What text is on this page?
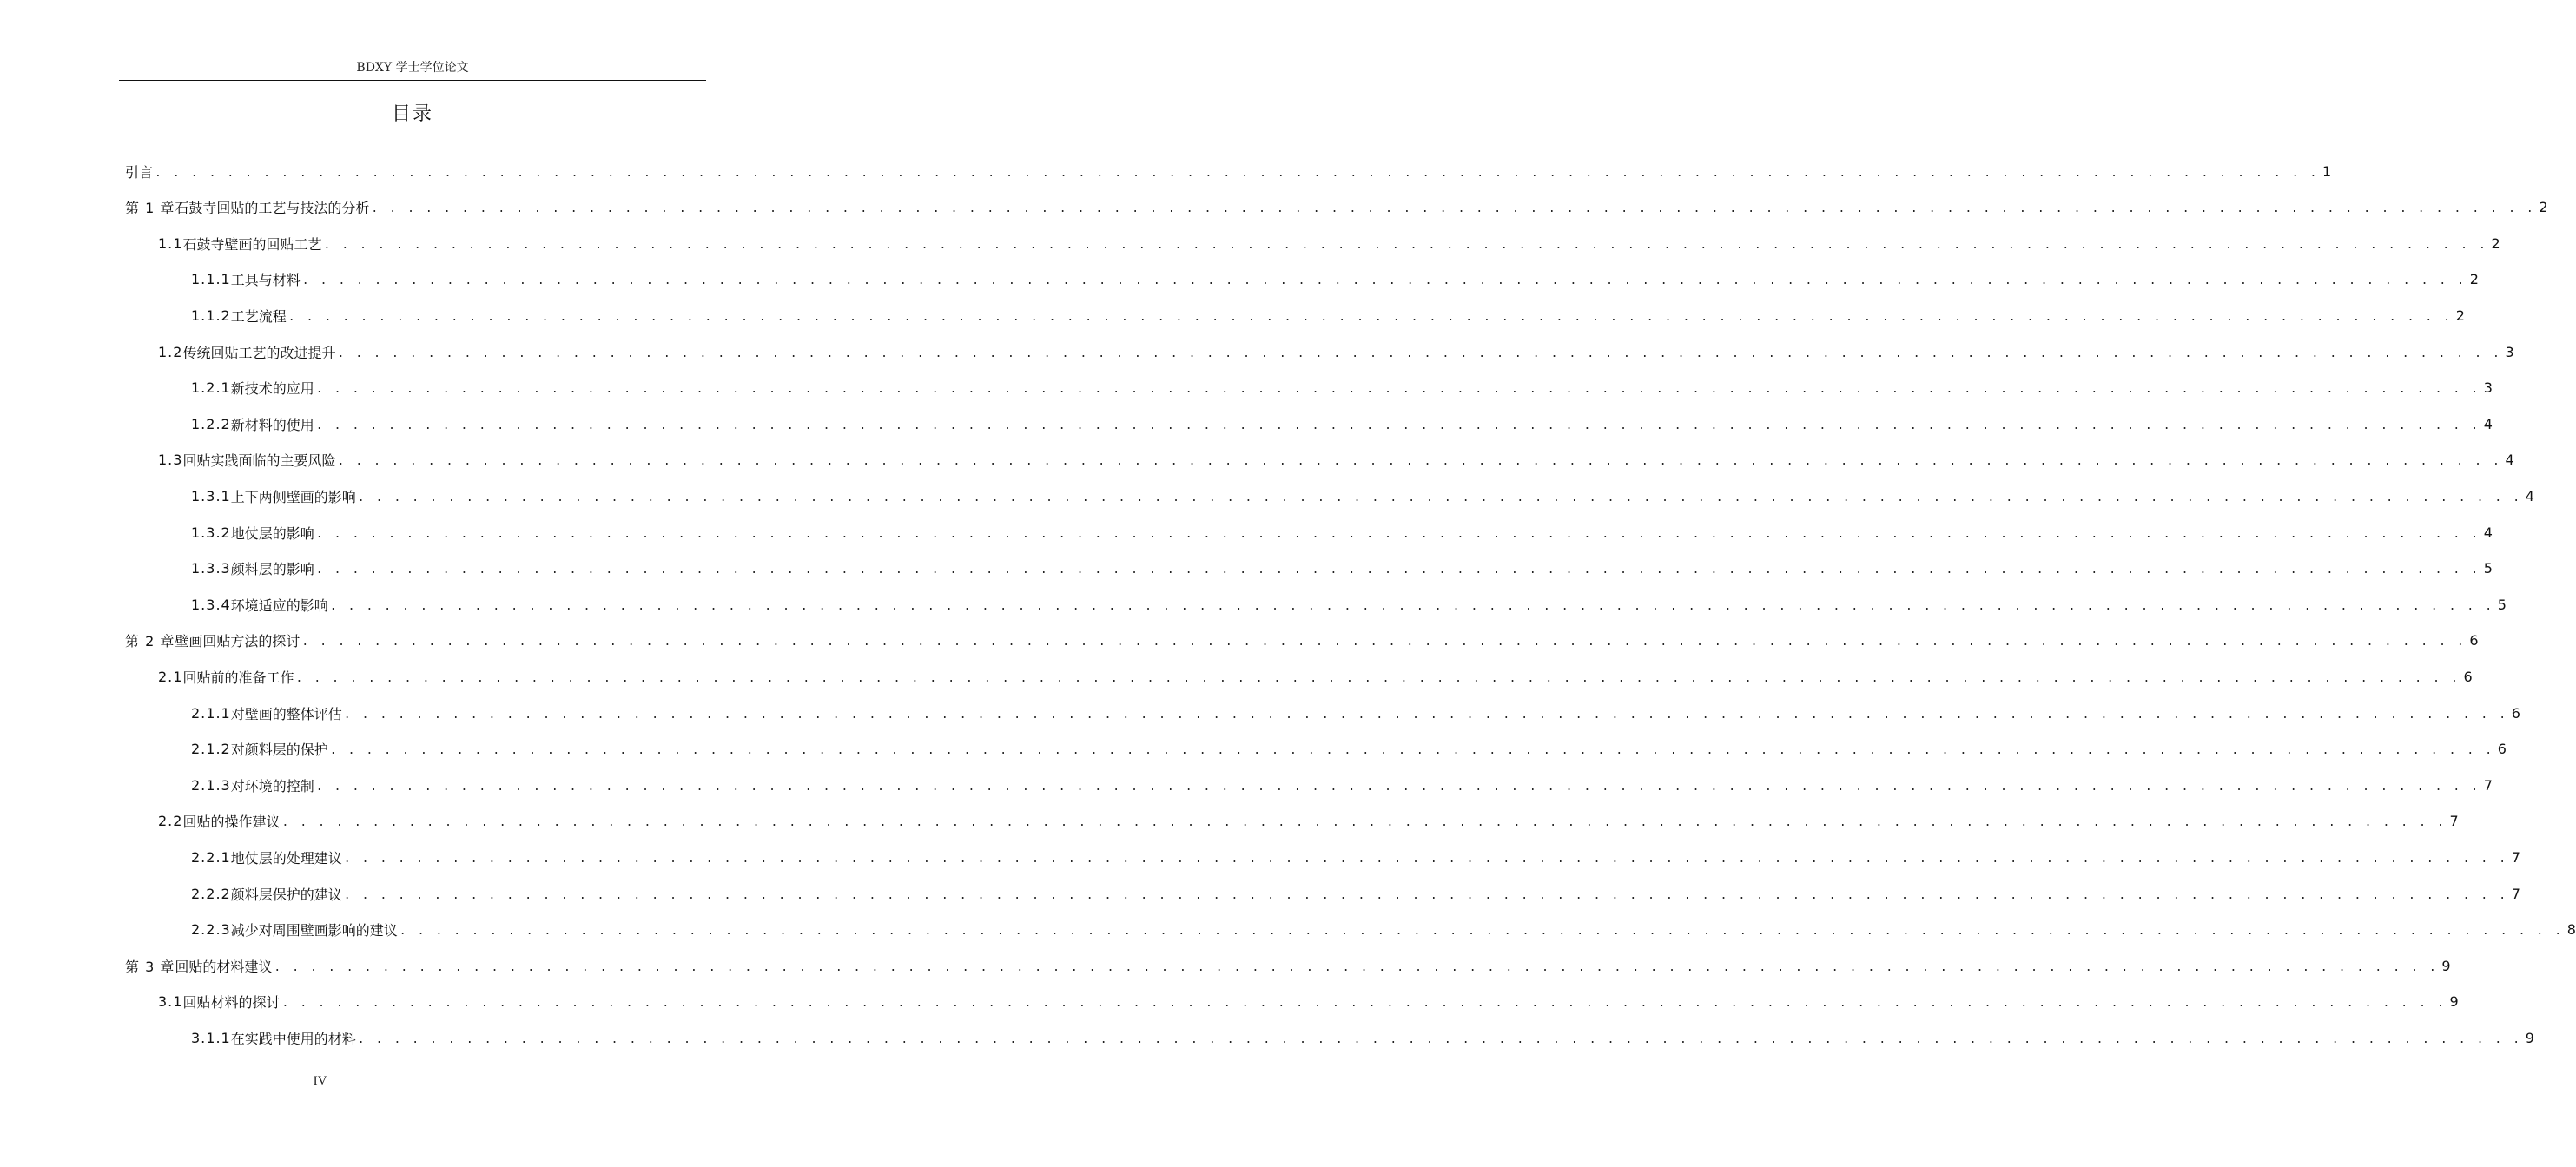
BDXY 学士学位论文
目录
引言 . . . . . . . . . . . . . . . . . . . . . . . . . . . . . . . . . . . . . . . . . . . . . . . . . . . . . . . . . . . . . . . . . . . . . . . . . . . . . . . . . . . . . . . . . . . . . . . . . . . . . . . . . . . . . . . . . . . . . . . . 1
第 1 章 石鼓寺回贴的工艺与技法的分析 . . . . . . . . . . . . . . . . . . . . . . . . . . . . . . . . . . . . . . . . . . . . . . . . . . . . . . . . . . . . . . . . . . . . . . . . . . . . . . . . . . . . . . . . . . . . . . . . . . . . . . . . . . . . . . . . . . . . . . . . 2
1.1 石鼓寺壁画的回贴工艺 . . . . . . . . . . . . . . . . . . . . . . . . . . . . . . . . . . . . . . . . . . . . . . . . . . . . . . . . . . . . . . . . . . . . . . . . . . . . . . . . . . . . . . . . . . . . . . . . . . . . . . . . . . . . . . . . . . . . . . . . 2
1.1.1 工具与材料 . . . . . . . . . . . . . . . . . . . . . . . . . . . . . . . . . . . . . . . . . . . . . . . . . . . . . . . . . . . . . . . . . . . . . . . . . . . . . . . . . . . . . . . . . . . . . . . . . . . . . . . . . . . . . . . . . . . . . . . . 2
1.1.2 工艺流程 . . . . . . . . . . . . . . . . . . . . . . . . . . . . . . . . . . . . . . . . . . . . . . . . . . . . . . . . . . . . . . . . . . . . . . . . . . . . . . . . . . . . . . . . . . . . . . . . . . . . . . . . . . . . . . . . . . . . . . . . 2
1.2 传统回贴工艺的改进提升 . . . . . . . . . . . . . . . . . . . . . . . . . . . . . . . . . . . . . . . . . . . . . . . . . . . . . . . . . . . . . . . . . . . . . . . . . . . . . . . . . . . . . . . . . . . . . . . . . . . . . . . . . . . . . . . . . . . . . . . . 3
1.2.1 新技术的应用 . . . . . . . . . . . . . . . . . . . . . . . . . . . . . . . . . . . . . . . . . . . . . . . . . . . . . . . . . . . . . . . . . . . . . . . . . . . . . . . . . . . . . . . . . . . . . . . . . . . . . . . . . . . . . . . . . . . . . . . . 3
1.2.2 新材料的使用 . . . . . . . . . . . . . . . . . . . . . . . . . . . . . . . . . . . . . . . . . . . . . . . . . . . . . . . . . . . . . . . . . . . . . . . . . . . . . . . . . . . . . . . . . . . . . . . . . . . . . . . . . . . . . . . . . . . . . . . . 4
1.3 回贴实践面临的主要风险 . . . . . . . . . . . . . . . . . . . . . . . . . . . . . . . . . . . . . . . . . . . . . . . . . . . . . . . . . . . . . . . . . . . . . . . . . . . . . . . . . . . . . . . . . . . . . . . . . . . . . . . . . . . . . . . . . . . . . . . . 4
1.3.1 上下两侧壁画的影响 . . . . . . . . . . . . . . . . . . . . . . . . . . . . . . . . . . . . . . . . . . . . . . . . . . . . . . . . . . . . . . . . . . . . . . . . . . . . . . . . . . . . . . . . . . . . . . . . . . . . . . . . . . . . . . . . . . . . . . . . 4
1.3.2 地仗层的影响 . . . . . . . . . . . . . . . . . . . . . . . . . . . . . . . . . . . . . . . . . . . . . . . . . . . . . . . . . . . . . . . . . . . . . . . . . . . . . . . . . . . . . . . . . . . . . . . . . . . . . . . . . . . . . . . . . . . . . . . . 4
1.3.3 颜料层的影响 . . . . . . . . . . . . . . . . . . . . . . . . . . . . . . . . . . . . . . . . . . . . . . . . . . . . . . . . . . . . . . . . . . . . . . . . . . . . . . . . . . . . . . . . . . . . . . . . . . . . . . . . . . . . . . . . . . . . . . . . 5
1.3.4 环境适应的影响 . . . . . . . . . . . . . . . . . . . . . . . . . . . . . . . . . . . . . . . . . . . . . . . . . . . . . . . . . . . . . . . . . . . . . . . . . . . . . . . . . . . . . . . . . . . . . . . . . . . . . . . . . . . . . . . . . . . . . . . . 5
第 2 章 壁画回贴方法的探讨 . . . . . . . . . . . . . . . . . . . . . . . . . . . . . . . . . . . . . . . . . . . . . . . . . . . . . . . . . . . . . . . . . . . . . . . . . . . . . . . . . . . . . . . . . . . . . . . . . . . . . . . . . . . . . . . . . . . . . . . . 6
2.1 回贴前的准备工作 . . . . . . . . . . . . . . . . . . . . . . . . . . . . . . . . . . . . . . . . . . . . . . . . . . . . . . . . . . . . . . . . . . . . . . . . . . . . . . . . . . . . . . . . . . . . . . . . . . . . . . . . . . . . . . . . . . . . . . . . 6
2.1.1 对壁画的整体评估 . . . . . . . . . . . . . . . . . . . . . . . . . . . . . . . . . . . . . . . . . . . . . . . . . . . . . . . . . . . . . . . . . . . . . . . . . . . . . . . . . . . . . . . . . . . . . . . . . . . . . . . . . . . . . . . . . . . . . . . . 6
2.1.2 对颜料层的保护 . . . . . . . . . . . . . . . . . . . . . . . . . . . . . . . . . . . . . . . . . . . . . . . . . . . . . . . . . . . . . . . . . . . . . . . . . . . . . . . . . . . . . . . . . . . . . . . . . . . . . . . . . . . . . . . . . . . . . . . . 6
2.1.3 对环境的控制 . . . . . . . . . . . . . . . . . . . . . . . . . . . . . . . . . . . . . . . . . . . . . . . . . . . . . . . . . . . . . . . . . . . . . . . . . . . . . . . . . . . . . . . . . . . . . . . . . . . . . . . . . . . . . . . . . . . . . . . . 7
2.2 回贴的操作建议 . . . . . . . . . . . . . . . . . . . . . . . . . . . . . . . . . . . . . . . . . . . . . . . . . . . . . . . . . . . . . . . . . . . . . . . . . . . . . . . . . . . . . . . . . . . . . . . . . . . . . . . . . . . . . . . . . . . . . . . . 7
2.2.1 地仗层的处理建议 . . . . . . . . . . . . . . . . . . . . . . . . . . . . . . . . . . . . . . . . . . . . . . . . . . . . . . . . . . . . . . . . . . . . . . . . . . . . . . . . . . . . . . . . . . . . . . . . . . . . . . . . . . . . . . . . . . . . . . . . 7
2.2.2 颜料层保护的建议 . . . . . . . . . . . . . . . . . . . . . . . . . . . . . . . . . . . . . . . . . . . . . . . . . . . . . . . . . . . . . . . . . . . . . . . . . . . . . . . . . . . . . . . . . . . . . . . . . . . . . . . . . . . . . . . . . . . . . . . . 7
2.2.3 减少对周围壁画影响的建议 . . . . . . . . . . . . . . . . . . . . . . . . . . . . . . . . . . . . . . . . . . . . . . . . . . . . . . . . . . . . . . . . . . . . . . . . . . . . . . . . . . . . . . . . . . . . . . . . . . . . . . . . . . . . . . . . . . . . . . . . 8
第 3 章 回贴的材料建议 . . . . . . . . . . . . . . . . . . . . . . . . . . . . . . . . . . . . . . . . . . . . . . . . . . . . . . . . . . . . . . . . . . . . . . . . . . . . . . . . . . . . . . . . . . . . . . . . . . . . . . . . . . . . . . . . . . . . . . . . 9
3.1 回贴材料的探讨 . . . . . . . . . . . . . . . . . . . . . . . . . . . . . . . . . . . . . . . . . . . . . . . . . . . . . . . . . . . . . . . . . . . . . . . . . . . . . . . . . . . . . . . . . . . . . . . . . . . . . . . . . . . . . . . . . . . . . . . . 9
3.1.1 在实践中使用的材料 . . . . . . . . . . . . . . . . . . . . . . . . . . . . . . . . . . . . . . . . . . . . . . . . . . . . . . . . . . . . . . . . . . . . . . . . . . . . . . . . . . . . . . . . . . . . . . . . . . . . . . . . . . . . . . . . . . . . . . . . 9
IV
